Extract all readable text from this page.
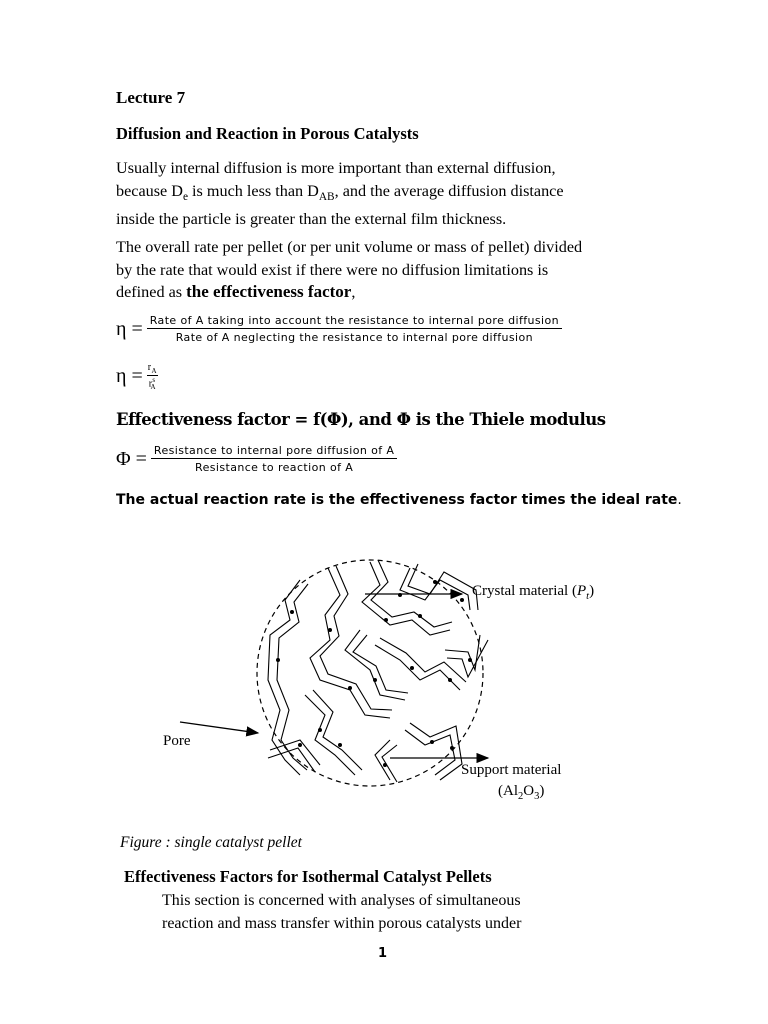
Lecture 7
Diffusion and Reaction in Porous Catalysts
Usually internal diffusion is more important than external diffusion,
because $D_e$ is much less than $D_{AB}$, and the average diffusion distance
inside the particle is greater than the external film thickness.
The overall rate per pellet (or per unit volume or mass of pellet) divided
by the rate that would exist if there were no diffusion limitations is
defined as the effectiveness factor,
η = Rate of A taking into account the resistance to internal pore diffusion
Rate of A neglecting the resistance to internal pore diffusion
$\eta = \frac{r_A}{r^s_A}$
Effectiveness factor = f(Φ), and Φ is the Thiele modulus
$\Phi = \frac{\text{Resistance to internal pore diffusion of A}}{\text{Resistance to reaction of A}}$
The actual reaction rate is the effectiveness factor times the ideal rate.
Crystal material $(P_t)$
Pore
Support material
$(Al_2O_3)$
Figure : single catalyst pellet
Effectiveness Factors for Isothermal Catalyst Pellets
This section is concerned with analyses of simultaneous
reaction and mass transfer within porous catalysts under
1
